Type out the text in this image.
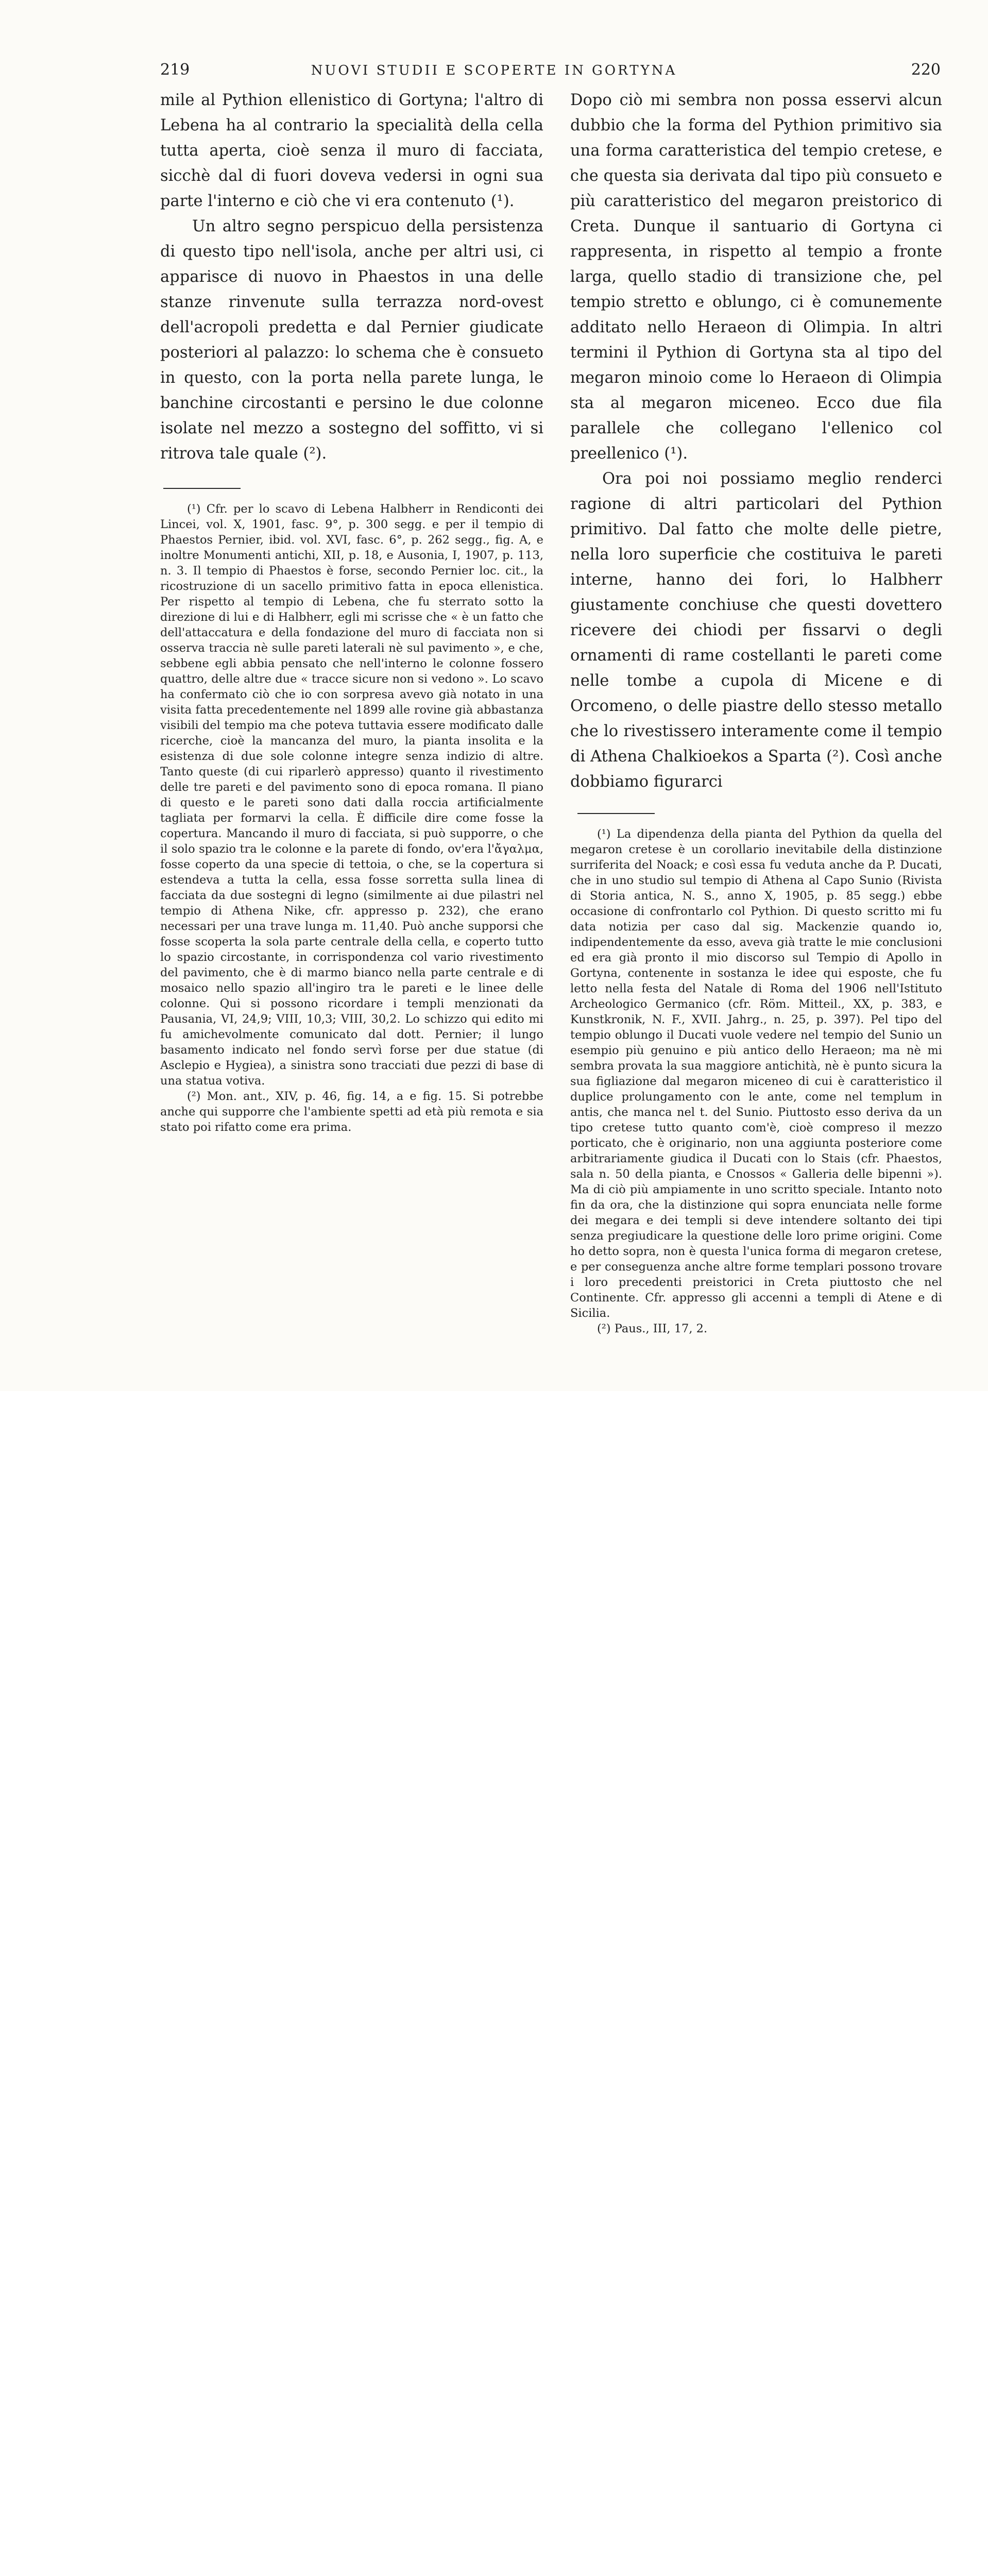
219	NUOVI STUDII E SCOPERTE IN GORTYNA	220

mile al Pythion ellenistico di Gortyna; l'altro di Lebena ha al contrario la specialità della cella tutta aperta, cioè senza il muro di facciata, sicchè dal di fuori doveva vedersi in ogni sua parte l'interno e ciò che vi era contenuto (¹).

Un altro segno perspicuo della persistenza di questo tipo nell'isola, anche per altri usi, ci apparisce di nuovo in Phaestos in una delle stanze rinvenute sulla terrazza nord-ovest dell'acropoli predetta e dal Pernier giudicate posteriori al palazzo: lo schema che è consueto in questo, con la porta nella parete lunga, le banchine circostanti e persino le due colonne isolate nel mezzo a sostegno del soffitto, vi si ritrova tale quale (²).

(¹) Cfr. per lo scavo di Lebena Halbherr in Rendiconti dei Lincei, vol. X, 1901, fasc. 9°, p. 300 segg. e per il tempio di Phaestos Pernier, ibid. vol. XVI, fasc. 6°, p. 262 segg., fig. A, e inoltre Monumenti antichi, XII, p. 18, e Ausonia, I, 1907, p. 113, n. 3. Il tempio di Phaestos è forse, secondo Pernier loc. cit., la ricostruzione di un sacello primitivo fatta in epoca ellenistica. Per rispetto al tempio di Lebena, che fu sterrato sotto la direzione di lui e di Halbherr, egli mi scrisse che « è un fatto che dell'attaccatura e della fondazione del muro di facciata non si osserva traccia nè sulle pareti laterali nè sul pavimento », e che, sebbene egli abbia pensato che nell'interno le colonne fossero quattro, delle altre due « tracce sicure non si vedono ». Lo scavo ha confermato ciò che io con sorpresa avevo già notato in una visita fatta precedentemente nel 1899 alle rovine già abbastanza visibili del tempio ma che poteva tuttavia essere modificato dalle ricerche, cioè la mancanza del muro, la pianta insolita e la esistenza di due sole colonne integre senza indizio di altre. Tanto queste (di cui riparlerò appresso) quanto il rivestimento delle tre pareti e del pavimento sono di epoca romana. Il piano di questo e le pareti sono dati dalla roccia artificialmente tagliata per formarvi la cella. È difficile dire come fosse la copertura. Mancando il muro di facciata, si può supporre, o che il solo spazio tra le colonne e la parete di fondo, ov'era l'ἄγαλμα, fosse coperto da una specie di tettoia, o che, se la copertura si estendeva a tutta la cella, essa fosse sorretta sulla linea di facciata da due sostegni di legno (similmente ai due pilastri nel tempio di Athena Nike, cfr. appresso p. 232), che erano necessari per una trave lunga m. 11,40. Può anche supporsi che fosse scoperta la sola parte centrale della cella, e coperto tutto lo spazio circostante, in corrispondenza col vario rivestimento del pavimento, che è di marmo bianco nella parte centrale e di mosaico nello spazio all'ingiro tra le pareti e le linee delle colonne. Qui si possono ricordare i templi menzionati da Pausania, VI, 24,9; VIII, 10,3; VIII, 30,2. Lo schizzo qui edito mi fu amichevolmente comunicato dal dott. Pernier; il lungo basamento indicato nel fondo servì forse per due statue (di Asclepio e Hygiea), a sinistra sono tracciati due pezzi di base di una statua votiva.

(²) Mon. ant., XIV, p. 46, fig. 14, a e fig. 15. Si potrebbe anche qui supporre che l'ambiente spetti ad età più remota e sia stato poi rifatto come era prima.

Dopo ciò mi sembra non possa esservi alcun dubbio che la forma del Pythion primitivo sia una forma caratteristica del tempio cretese, e che questa sia derivata dal tipo più consueto e più caratteristico del megaron preistorico di Creta. Dunque il santuario di Gortyna ci rappresenta, in rispetto al tempio a fronte larga, quello stadio di transizione che, pel tempio stretto e oblungo, ci è comunemente additato nello Heraeon di Olimpia. In altri termini il Pythion di Gortyna sta al tipo del megaron minoio come lo Heraeon di Olimpia sta al megaron miceneo. Ecco due fila parallele che collegano l'ellenico col preellenico (¹).

Ora poi noi possiamo meglio renderci ragione di altri particolari del Pythion primitivo. Dal fatto che molte delle pietre, nella loro superficie che costituiva le pareti interne, hanno dei fori, lo Halbherr giustamente conchiuse che questi dovettero ricevere dei chiodi per fissarvi o degli ornamenti di rame costellanti le pareti come nelle tombe a cupola di Micene e di Orcomeno, o delle piastre dello stesso metallo che lo rivestissero interamente come il tempio di Athena Chalkioekos a Sparta (²). Così anche dobbiamo figurarci

(¹) La dipendenza della pianta del Pythion da quella del megaron cretese è un corollario inevitabile della distinzione surriferita del Noack; e così essa fu veduta anche da P. Ducati, che in uno studio sul tempio di Athena al Capo Sunio (Rivista di Storia antica, N. S., anno X, 1905, p. 85 segg.) ebbe occasione di confrontarlo col Pythion. Di questo scritto mi fu data notizia per caso dal sig. Mackenzie quando io, indipendentemente da esso, aveva già tratte le mie conclusioni ed era già pronto il mio discorso sul Tempio di Apollo in Gortyna, contenente in sostanza le idee qui esposte, che fu letto nella festa del Natale di Roma del 1906 nell'Istituto Archeologico Germanico (cfr. Röm. Mitteil., XX, p. 383, e Kunstkronik, N. F., XVII. Jahrg., n. 25, p. 397). Pel tipo del tempio oblungo il Ducati vuole vedere nel tempio del Sunio un esempio più genuino e più antico dello Heraeon; ma nè mi sembra provata la sua maggiore antichità, nè è punto sicura la sua figliazione dal megaron miceneo di cui è caratteristico il duplice prolungamento con le ante, come nel templum in antis, che manca nel t. del Sunio. Piuttosto esso deriva da un tipo cretese tutto quanto com'è, cioè compreso il mezzo porticato, che è originario, non una aggiunta posteriore come arbitrariamente giudica il Ducati con lo Stais (cfr. Phaestos, sala n. 50 della pianta, e Cnossos « Galleria delle bipenni »). Ma di ciò più ampiamente in uno scritto speciale. Intanto noto fin da ora, che la distinzione qui sopra enunciata nelle forme dei megara e dei templi si deve intendere soltanto dei tipi senza pregiudicare la questione delle loro prime origini. Come ho detto sopra, non è questa l'unica forma di megaron cretese, e per conseguenza anche altre forme templari possono trovare i loro precedenti preistorici in Creta piuttosto che nel Continente. Cfr. appresso gli accenni a templi di Atene e di Sicilia.

(²) Paus., III, 17, 2.
